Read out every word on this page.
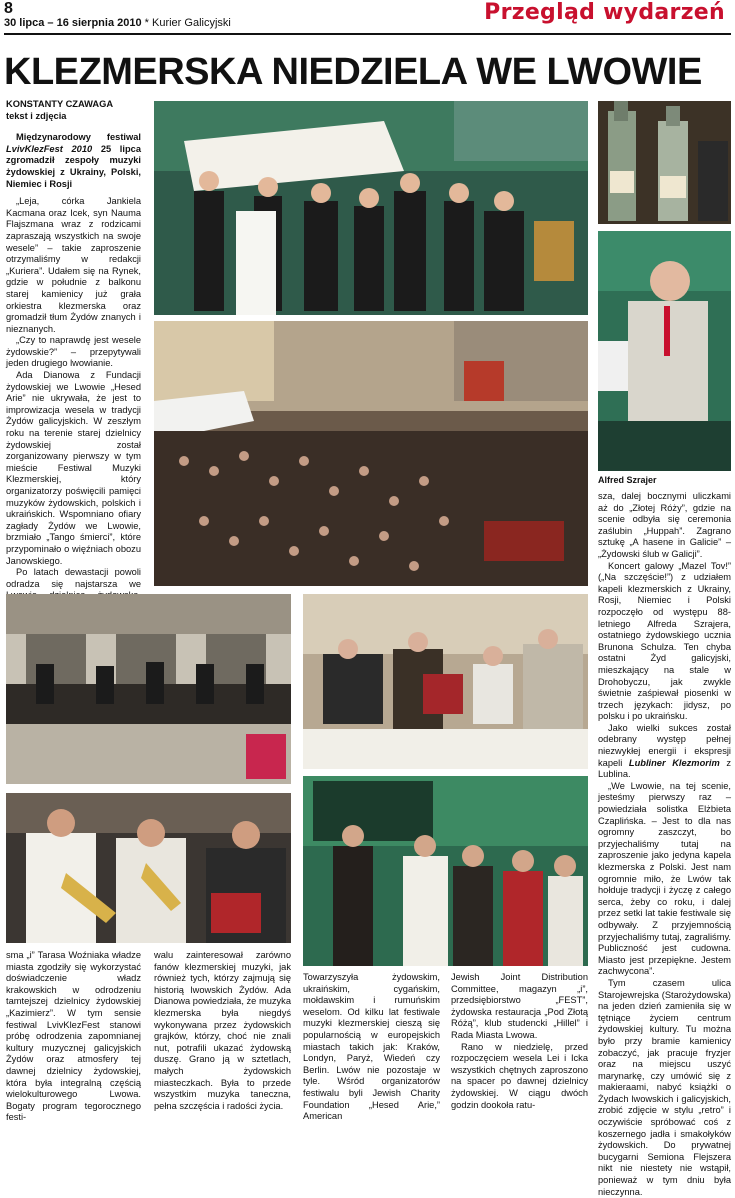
8
30 lipca – 16 sierpnia 2010 * Kurier Galicyjski	Przegląd wydarzeń
KLEZMERSKA NIEDZIELA WE LWOWIE
KONSTANTY CZAWAGA
tekst i zdjęcia

Międzynarodowy festiwal LvivKlezFest 2010 25 lipca zgromadził zespoły muzyki żydowskiej z Ukrainy, Polski, Niemiec i Rosji

„Leja, córka Jankiela Kacmana oraz Icek, syn Nauma Flajszmana wraz z rodzicami zapraszają wszystkich na swoje wesele” – takie zaproszenie otrzymaliśmy w redakcji „Kuriera”. Udałem się na Rynek, gdzie w południe z balkonu starej kamienicy już grała orkiestra klezmerska oraz gromadził tłum Żydów znanych i nieznanych.

„Czy to naprawdę jest wesele żydowskie?” – przepytywali jeden drugiego lwowianie.

Ada Dianowa z Fundacji żydowskiej we Lwowie „Hesed Arie” nie ukrywała, że jest to improwizacja wesela w tradycji Żydów galicyjskich. W zeszłym roku na terenie starej dzielnicy żydowskiej został zorganizowany pierwszy w tym mieście Festiwal Muzyki Klezmerskiej, który organizatorzy poświęcili pamięci muzyków żydowskich, polskich i ukraińskich. Wspomniano ofiary zagłady Żydów we Lwowie, brzmiało „Tango śmierci”, które przypominało o więźniach obozu Janowskiego.

Po latach dewastacji powoli odradza się najstarsza we

Alfred Szrajer

sza, dalej bocznymi uliczkami aż do „Złotej Róży”, gdzie na scenie odbyła się ceremonia zaślubin „Huppah”. Zagrano sztukę „A hasene in Galicie” – „Żydowski ślub w Galicji”.

Koncert galowy „Mazel Tov!” („Na szczęście!”) z udziałem kapeli klezmerskich z Ukrainy, Rosji, Niemiec i Polski rozpoczęło od występu 88-letniego Alfreda Szrajera, ostatniego żydowskiego ucznia Brunona Schulza. Ten chyba ostatni Żyd galicyjski, mieszkający na stale w Drohobyczu, jak zwykle świetnie zaśpiewał piosenki w trzech językach: jidysz, po polsku i po ukraińsku.

Jako wielki sukces został odebrany występ pełnej niezwykłej energii i ekspresji kapeli Lubliner Klezmorim z Lublina.

„We Lwowie, na tej scenie, jesteśmy pierwszy raz – powiedziała solistka Elżbieta Czaplińska. – Jest to dla nas ogromny zaszczyt, bo przyjechaliśmy tutaj na zaproszenie jako jedyna kapela klezmerska z Polski. Jest nam ogromnie miło, że Lwów tak hołduje tradycji i życzę z całego serca, żeby co roku, i dalej przez setki lat takie festiwale się odbywały. Z przyjemnością przyjechaliśmy tutaj, zagraliśmy. Publiczność jest cudowna. Miasto jest przepiękne. Jestem zachwycona”.

Tym czasem ulica Starojewrejska (Starożydowska) na jeden dzień zamieniła się w tętniące życiem centrum żydowskiej kultury. Tu można było przy bramie kamienicy zobaczyć, jak pracuje fryzjer oraz na miejscu uszyć marynarkę, czy umówić się z makieraami, nabyć książki o Żydach lwowskich i galicyjskich, zrobić zdjęcie w stylu „retro” i oczywiście spróbować coś z koszernego jadła i smakołyków żydowskich. Do prywatnej bucygarni Semiona Flejszera nikt nie niestety nie wstąpił, ponieważ w tym dniu była nieczynna.

sma „i” Tarasa Woźniaka władze miasta zgodziły się wykorzystać doświadczenie władz krakowskich w odrodzeniu tamtejszej dzielnicy żydowskiej „Kazimierz”. W tym sensie festiwal LvivKlezFest stanowi próbę odrodzenia zapomnianej kultury muzycznej galicyjskich Żydów oraz atmosfery tej dawnej dzielnicy żydowskiej, która była integralną częścią wielokulturowego Lwowa. Bogaty program tegorocznego festi-

walu zainteresował zarówno fanów klezmerskiej muzyki, jak również tych, którzy zajmują się historią lwowskich Żydów. Ada Dianowa powiedziała, że muzyka klezmerska była niegdyś wykonywana przez żydowskich grajków, którzy, choć nie znali nut, potrafili ukazać żydowską duszę. Grano ją w sztetlach, małych żydowskich miasteczkach. Była to przede wszystkim muzyka taneczna, pełna szczęścia i radości życia.

Towarzyszyła żydowskim, ukraińskim, cygańskim, mołdawskim i rumuńskim weselom. Od kilku lat festiwale muzyki klezmerskiej cieszą się popularnością w europejskich miastach takich jak: Kraków, Londyn, Paryż, Wiedeń czy Berlin. Lwów nie pozostaje w tyle. Wśród organizatorów festiwalu byli Jewish Charity Foundation „Hesed Arie,” American

Jewish Joint Distribution Committee, magazyn „i”, przedsiębiorstwo „FEST”, żydowska restauracja „Pod Złotą Różą”, klub studencki „Hillel” i Rada Miasta Lwowa.

Rano w niedzielę, przed rozpoczęciem wesela Lei i Icka wszystkich chętnych zaproszono na spacer po dawnej dzielnicy żydowskiej. W ciągu dwóch godzin dookoła ratu-
